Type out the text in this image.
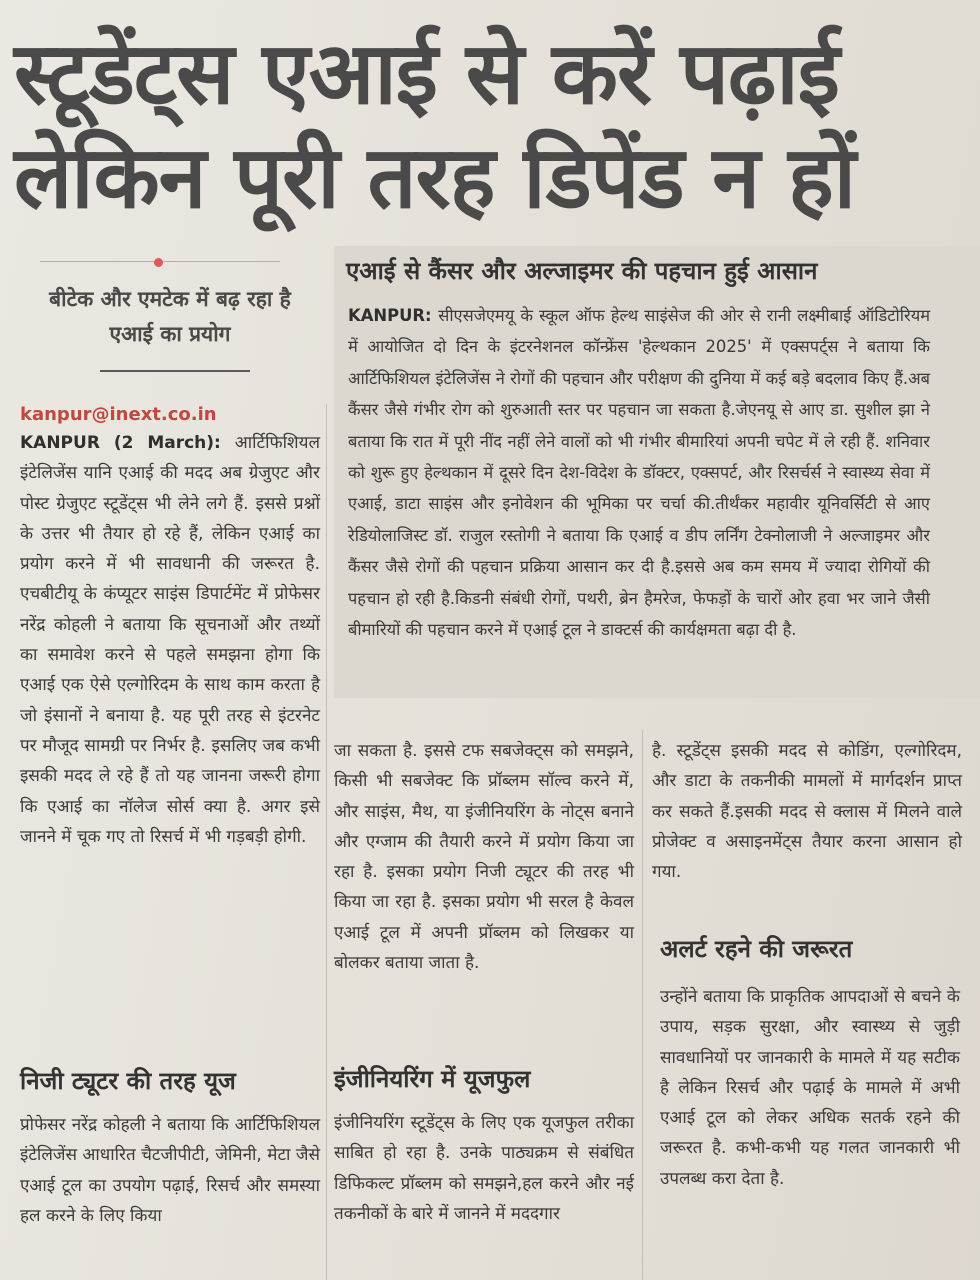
स्टूडेंट्स एआई से करें पढ़ाई
लेकिन पूरी तरह डिपेंड न हों
बीटेक और एमटेक में बढ़ रहा है एआई का प्रयोग
kanpur@inext.co.in
KANPUR (2 March): आर्टिफिशियल इंटेलिजेंस यानि एआई की मदद अब ग्रेजुएट और पोस्ट ग्रेजुएट स्टूडेंट्स भी लेने लगे हैं. इससे प्रश्नों के उत्तर भी तैयार हो रहे हैं, लेकिन एआई का प्रयोग करने में भी सावधानी की जरूरत है. एचबीटीयू के कंप्यूटर साइंस डिपार्टमेंट में प्रोफेसर नरेंद्र कोहली ने बताया कि सूचनाओं और तथ्यों का समावेश करने से पहले समझना होगा कि एआई एक ऐसे एल्गोरिदम के साथ काम करता है जो इंसानों ने बनाया है. यह पूरी तरह से इंटरनेट पर मौजूद सामग्री पर निर्भर है. इसलिए जब कभी इसकी मदद ले रहे हैं तो यह जानना जरूरी होगा कि एआई का नॉलेज सोर्स क्या है. अगर इसे जानने में चूक गए तो रिसर्च में भी गड़बड़ी होगी.
निजी ट्यूटर की तरह यूज
प्रोफेसर नरेंद्र कोहली ने बताया कि आर्टिफिशियल इंटेलिजेंस आधारित चैटजीपीटी, जेमिनी, मेटा जैसे एआई टूल का उपयोग पढ़ाई, रिसर्च और समस्या हल करने के लिए किया
एआई से कैंसर और अल्जाइमर की पहचान हुई आसान
KANPUR: सीएसजेएमयू के स्कूल ऑफ हेल्थ साइंसेज की ओर से रानी लक्ष्मीबाई ऑडिटोरियम में आयोजित दो दिन के इंटरनेशनल कॉन्फ्रेंस 'हेल्थकान 2025' में एक्सपर्ट्स ने बताया कि आर्टिफिशियल इंटेलिजेंस ने रोगों की पहचान और परीक्षण की दुनिया में कई बड़े बदलाव किए हैं.अब कैंसर जैसे गंभीर रोग को शुरुआती स्तर पर पहचान जा सकता है.जेएनयू से आए डा. सुशील झा ने बताया कि रात में पूरी नींद नहीं लेने वालों को भी गंभीर बीमारियां अपनी चपेट में ले रही हैं. शनिवार को शुरू हुए हेल्थकान में दूसरे दिन देश-विदेश के डॉक्टर, एक्सपर्ट, और रिसर्चर्स ने स्वास्थ्य सेवा में एआई, डाटा साइंस और इनोवेशन की भूमिका पर चर्चा की.तीर्थंकर महावीर यूनिवर्सिटी से आए रेडियोलाजिस्ट डॉ. राजुल रस्तोगी ने बताया कि एआई व डीप लर्निंग टेक्नोलाजी ने अल्जाइमर और कैंसर जैसे रोगों की पहचान प्रक्रिया आसान कर दी है.इससे अब कम समय में ज्यादा रोगियों की पहचान हो रही है.किडनी संबंधी रोगों, पथरी, ब्रेन हैमरेज, फेफड़ों के चारों ओर हवा भर जाने जैसी बीमारियों की पहचान करने में एआई टूल ने डाक्टर्स की कार्यक्षमता बढ़ा दी है.
जा सकता है. इससे टफ सबजेक्ट्स को समझने, किसी भी सबजेक्ट कि प्रॉब्लम सॉल्व करने में, और साइंस, मैथ, या इंजीनियरिंग के नोट्स बनाने और एग्जाम की तैयारी करने में प्रयोग किया जा रहा है. इसका प्रयोग निजी ट्यूटर की तरह भी किया जा रहा है. इसका प्रयोग भी सरल है केवल एआई टूल में अपनी प्रॉब्लम को लिखकर या बोलकर बताया जाता है.
इंजीनियरिंग में यूजफुल
इंजीनियरिंग स्टूडेंट्स के लिए एक यूजफुल तरीका साबित हो रहा है. उनके पाठ्यक्रम से संबंधित डिफिकल्ट प्रॉब्लम को समझने,हल करने और नई तकनीकों के बारे में जानने में मददगार
है. स्टूडेंट्स इसकी मदद से कोडिंग, एल्गोरिदम, और डाटा के तकनीकी मामलों में मार्गदर्शन प्राप्त कर सकते हैं.इसकी मदद से क्लास में मिलने वाले प्रोजेक्ट व असाइनमेंट्स तैयार करना आसान हो गया.
अलर्ट रहने की जरूरत
उन्होंने बताया कि प्राकृतिक आपदाओं से बचने के उपाय, सड़क सुरक्षा, और स्वास्थ्य से जुड़ी सावधानियों पर जानकारी के मामले में यह सटीक है लेकिन रिसर्च और पढ़ाई के मामले में अभी एआई टूल को लेकर अधिक सतर्क रहने की जरूरत है. कभी-कभी यह गलत जानकारी भी उपलब्ध करा देता है.
